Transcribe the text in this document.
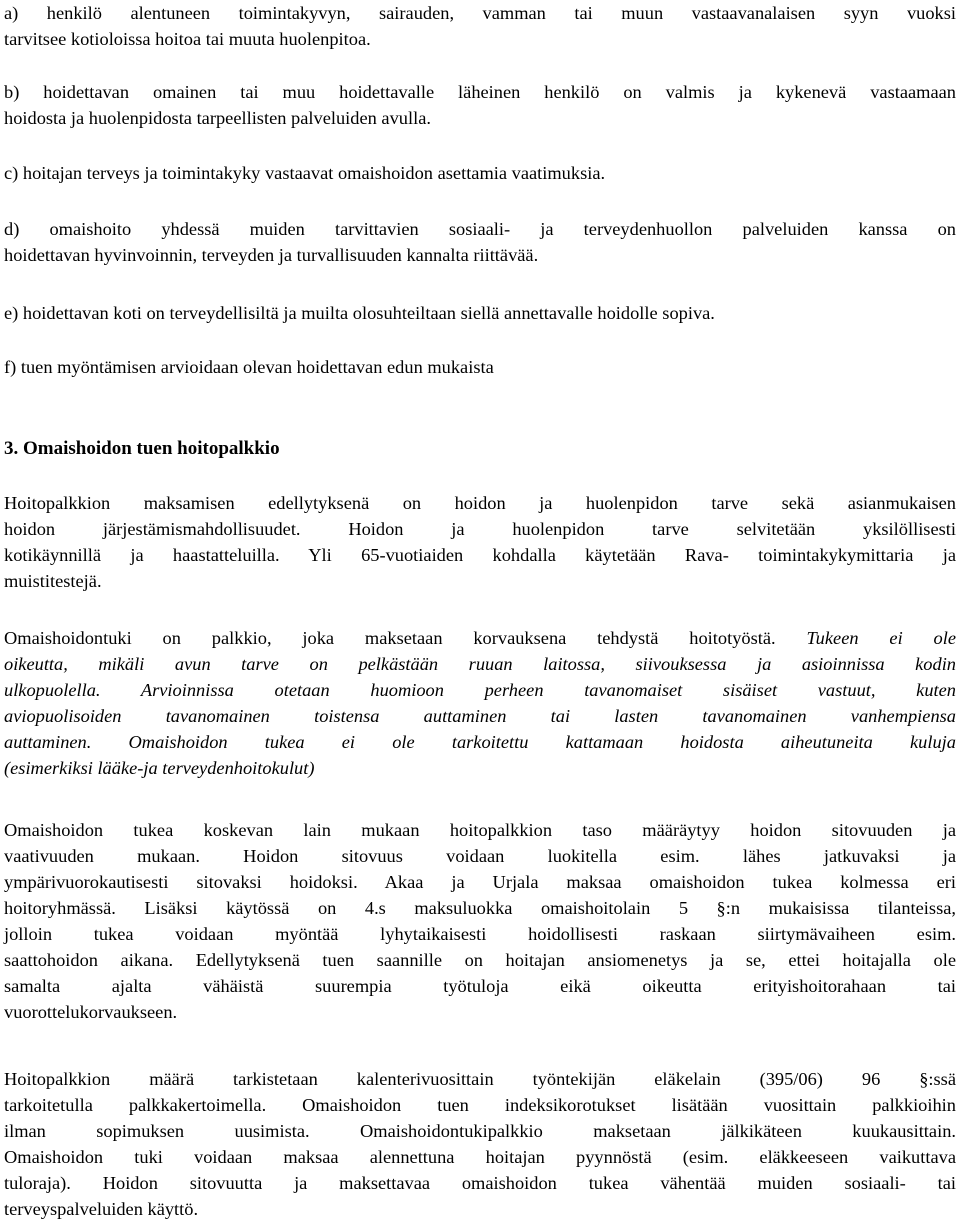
a) henkilö alentuneen toimintakyvyn, sairauden, vamman tai muun vastaavanalaisen syyn vuoksi
tarvitsee kotioloissa hoitoa tai muuta huolenpitoa.
b) hoidettavan omainen tai muu hoidettavalle läheinen henkilö on valmis ja kykenevä vastaamaan
hoidosta ja huolenpidosta tarpeellisten palveluiden avulla.
c) hoitajan terveys ja toimintakyky vastaavat omaishoidon asettamia vaatimuksia.
d) omaishoito yhdessä muiden tarvittavien sosiaali- ja terveydenhuollon palveluiden kanssa on
hoidettavan hyvinvoinnin, terveyden ja turvallisuuden kannalta riittävää.
e) hoidettavan koti on terveydellisiltä ja muilta olosuhteiltaan siellä annettavalle hoidolle sopiva.
f) tuen myöntämisen arvioidaan olevan hoidettavan edun mukaista
3. Omaishoidon tuen hoitopalkkio
Hoitopalkkion maksamisen edellytyksenä on hoidon ja huolenpidon tarve sekä asianmukaisen
hoidon järjestämismahdollisuudet. Hoidon ja huolenpidon tarve selvitetään yksilöllisesti
kotikäynnillä ja haastatteluilla. Yli 65-vuotiaiden kohdalla käytetään Rava- toimintakykymittaria ja
muistitestejä.
Omaishoidontuki on palkkio, joka maksetaan korvauksena tehdystä hoitotyöstä. Tukeen ei ole
oikeutta, mikäli avun tarve on pelkästään ruuan laitossa, siivouksessa ja asioinnissa kodin
ulkopuolella. Arvioinnissa otetaan huomioon perheen tavanomaiset sisäiset vastuut, kuten
aviopuolisoiden tavanomainen toistensa auttaminen tai lasten tavanomainen vanhempiensa
auttaminen. Omaishoidon tukea ei ole tarkoitettu kattamaan hoidosta aiheutuneita kuluja
(esimerkiksi lääke-ja terveydenhoitokulut)
Omaishoidon tukea koskevan lain mukaan hoitopalkkion taso määräytyy hoidon sitovuuden ja
vaativuuden mukaan. Hoidon sitovuus voidaan luokitella esim. lähes jatkuvaksi ja
ympärivuorokautisesti sitovaksi hoidoksi. Akaa ja Urjala maksaa omaishoidon tukea kolmessa eri
hoitoryhmässä. Lisäksi käytössä on 4.s maksuluokka omaishoitolain 5 §:n mukaisissa tilanteissa,
jolloin tukea voidaan myöntää lyhytaikaisesti hoidollisesti raskaan siirtymävaiheen esim.
saattohoidon aikana. Edellytyksenä tuen saannille on hoitajan ansiomenetys ja se, ettei hoitajalla ole
samalta ajalta vähäistä suurempia työtuloja eikä oikeutta erityishoitorahaan tai
vuorottelukorvaukseen.
Hoitopalkkion määrä tarkistetaan kalenterivuosittain työntekijän eläkelain (395/06) 96 §:ssä
tarkoitetulla palkkakertoimella. Omaishoidon tuen indeksikorotukset lisätään vuosittain palkkioihin
ilman sopimuksen uusimista. Omaishoidontukipalkkio maksetaan jälkikäteen kuukausittain.
Omaishoidon tuki voidaan maksaa alennettuna hoitajan pyynnöstä (esim. eläkkeeseen vaikuttava
tuloraja). Hoidon sitovuutta ja maksettavaa omaishoidon tukea vähentää muiden sosiaali- tai
terveyspalveluiden käyttö.
